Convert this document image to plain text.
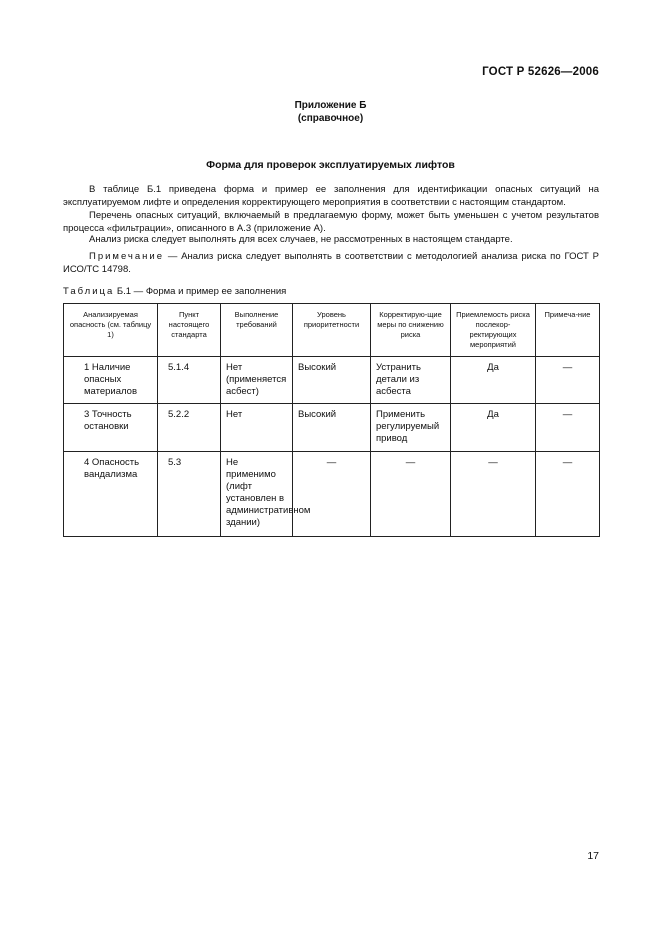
ГОСТ Р 52626—2006
Приложение Б
(справочное)
Форма для проверок эксплуатируемых лифтов
В таблице Б.1 приведена форма и пример ее заполнения для идентификации опасных ситуаций на эксплуатируемом лифте и определения корректирующего мероприятия в соответствии с настоящим стандартом.
Перечень опасных ситуаций, включаемый в предлагаемую форму, может быть уменьшен с учетом результатов процесса «фильтрации», описанного в А.3 (приложение А).
Анализ риска следует выполнять для всех случаев, не рассмотренных в настоящем стандарте.
Примечание — Анализ риска следует выполнять в соответствии с методологией анализа риска по ГОСТ Р ИСО/ТС 14798.
Таблица Б.1 — Форма и пример ее заполнения
Анализируемая опасность (см. таблицу 1)	Пункт настоящего стандарта	Выполнение требований	Уровень приоритетности	Корректирую-щие меры по снижению риска	Приемлемость риска послекор-ректирующих мероприятий	Примеча-ние
1 Наличие опасных материалов	5.1.4	Нет (применяется асбест)	Высокий	Устранить детали из асбеста	Да	—
3 Точность остановки	5.2.2	Нет	Высокий	Применить регулируемый привод	Да	—
4 Опасность вандализма	5.3	Не применимо (лифт установлен в административном здании)	—	—	—	—
17
